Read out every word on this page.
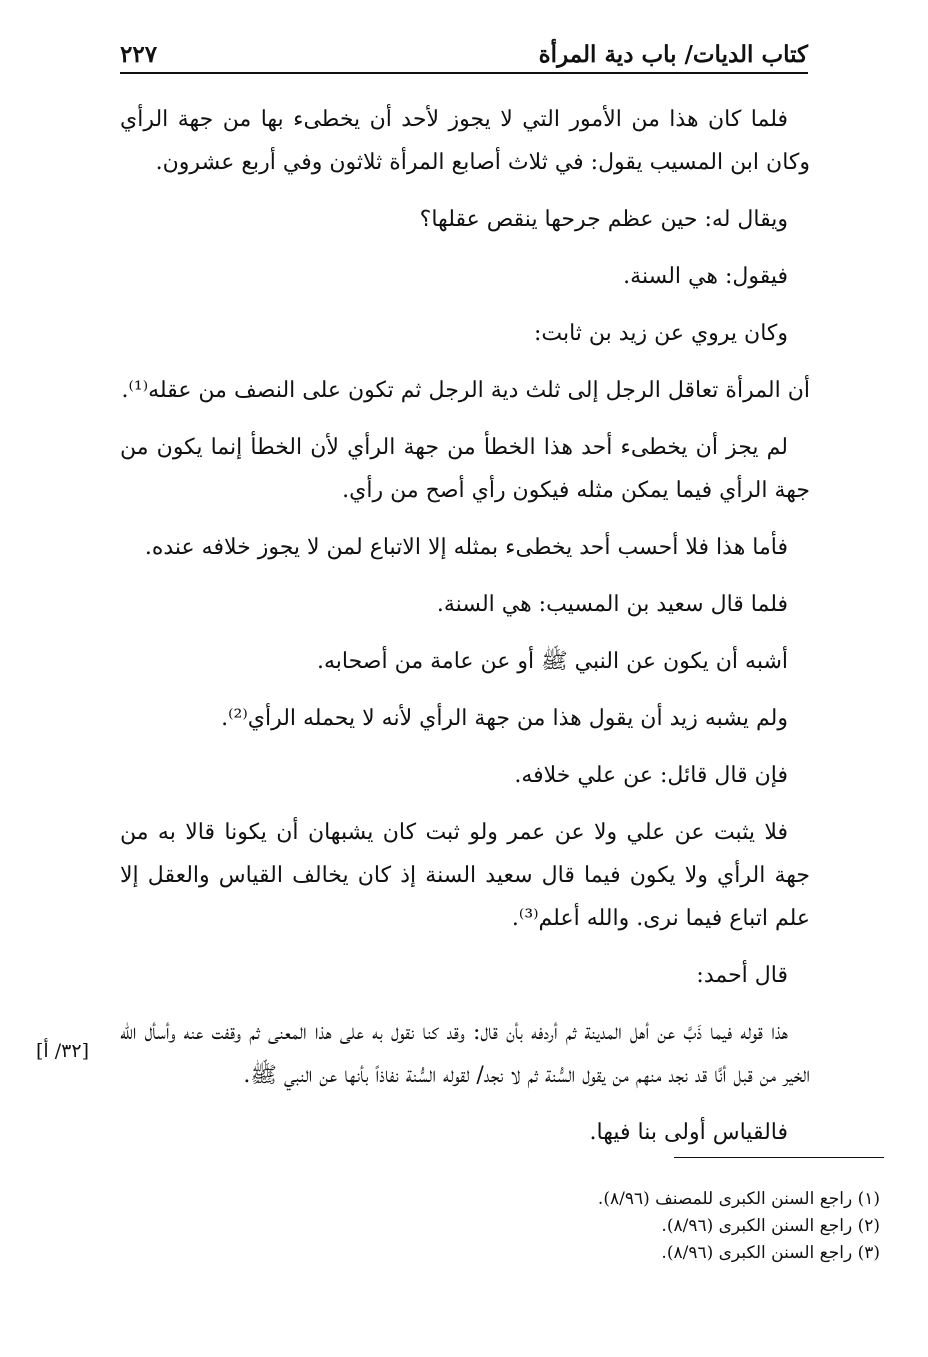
كتاب الديات/ باب دية المرأة
٢٢٧

فلما كان هذا من الأمور التي لا يجوز لأحد أن يخطىء بها من جهة الرأي وكان ابن المسيب يقول: في ثلاث أصابع المرأة ثلاثون وفي أربع عشرون.

ويقال له: حين عظم جرحها ينقص عقلها؟

فيقول: هي السنة.

وكان يروي عن زيد بن ثابت:

أن المرأة تعاقل الرجل إلى ثلث دية الرجل ثم تكون على النصف من عقله⁽¹⁾.

لم يجز أن يخطىء أحد هذا الخطأ من جهة الرأي لأن الخطأ إنما يكون من جهة الرأي فيما يمكن مثله فيكون رأي أصح من رأي.

فأما هذا فلا أحسب أحد يخطىء بمثله إلا الاتباع لمن لا يجوز خلافه عنده.

فلما قال سعيد بن المسيب: هي السنة.

أشبه أن يكون عن النبي ﷺ أو عن عامة من أصحابه.

ولم يشبه زيد أن يقول هذا من جهة الرأي لأنه لا يحمله الرأي⁽²⁾.

فإن قال قائل: عن علي خلافه.

فلا يثبت عن علي ولا عن عمر ولو ثبت كان يشبهان أن يكونا قالا به من جهة الرأي ولا يكون فيما قال سعيد السنة إذ كان يخالف القياس والعقل إلا علم اتباع فيما نرى. والله أعلم⁽³⁾.

قال أحمد:

هذا قوله فيما ذَبَّ عن أهل المدينة ثم أردفه بأن قال: وقد كنا نقول به على هذا المعنى ثم وقفت عنه وأسأل الله الخير من قبل أنَّا قد نجد منهم من يقول السُّنة ثم لا نجد/ لقوله السُّنة نفاذاً بأنها عن النبي ﷺ.

فالقياس أولى بنا فيها.

[٣٢/ أ]

(١) راجع السنن الكبرى للمصنف (٨/٩٦).

(٢) راجع السنن الكبرى (٨/٩٦).

(٣) راجع السنن الكبرى (٨/٩٦).
